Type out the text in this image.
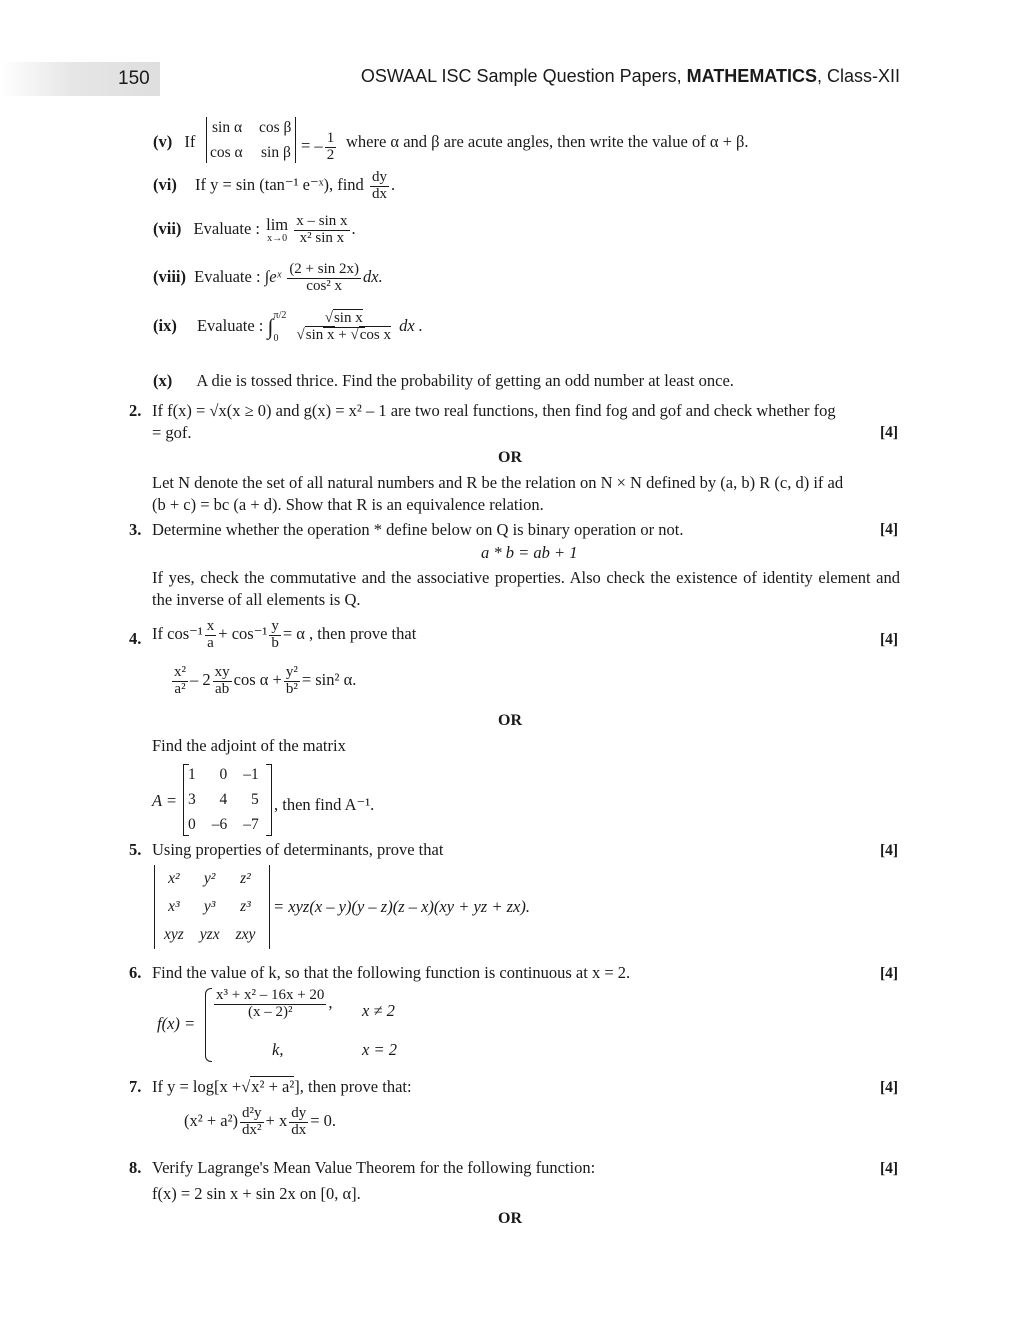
150	OSWAAL ISC Sample Question Papers, MATHEMATICS, Class-XII
(v) If
sin α cos β
cos α sin β = – $\frac{1}{2}$ where α and β are acute angles, then write the value of α + β.
(vi) If y = sin (tan⁻¹ e⁻ˣ), find $\frac{dy}{dx}$ .
(vii) Evaluate : lim
x→0
$\frac{\text{x – sin x}}{\text{x² sin x}}$ .
(viii) Evaluate : ∫eˣ $\frac{(2 + \sin 2x)}{\text{cos² x}}$ dx.
(ix) Evaluate : ∫ π/2
0
	$\frac{\text{√sin x}}{\text{√sin x + √cos x}}$ dx .
(x) A die is tossed thrice. Find the probability of getting an odd number at least once.
2. If f(x) = √x(x ≥ 0) and g(x) = x² – 1 are two real functions, then find fog and gof and check whether fog
= gof.	[4]
OR
Let N denote the set of all natural numbers and R be the relation on N × N defined by (a, b) R (c, d) if ad
(b + c) = bc (a + d). Show that R is an equivalence relation.
3. Determine whether the operation * define below on Q is binary operation or not.	[4]
a * b = ab + 1
If yes, check the commutative and the associative properties. Also check the existence of identity element and the inverse of all elements is Q.
4. If $\cos^{-1} \frac{x}{a} + \cos^{-1} \frac{y}{b} = \alpha$ , then prove that	[4]
$\frac{\text{x²}}{\text{a²}} - 2 \frac{xy}{ab}$ $\cos \alpha + \frac{\text{y²}}{\text{b²}} = \sin^2$ α.
OR
Find the adjoint of the matrix
A =
1	0	–1
3	4	5
0	–6	–7
, then find A⁻¹.
5. Using properties of determinants, prove that	[4]
x²	y²	z²
x³	y³	z³
xyz	yzx	zxy
= xyz(x – y)(y – z)(z – x)(xy + yz + zx).
6. Find the value of k, so that the following function is continuous at x = 2.	[4]
f(x) =
$\frac{\text{x³ + x² – 16x + 20}}{\text{(x – 2)²}}$ , x ≠ 2
k,	x = 2
7. If y = log[x +√x² + a²], then prove that:	[4]
$(x^2 + a^2) \frac{\text{d²y}}{\text{dx²}} + x \frac{dy}{dx} = 0$.
8. Verify Lagrange's Mean Value Theorem for the following function:	[4]
f(x) = 2 sin x + sin 2x on [0, α].
OR
